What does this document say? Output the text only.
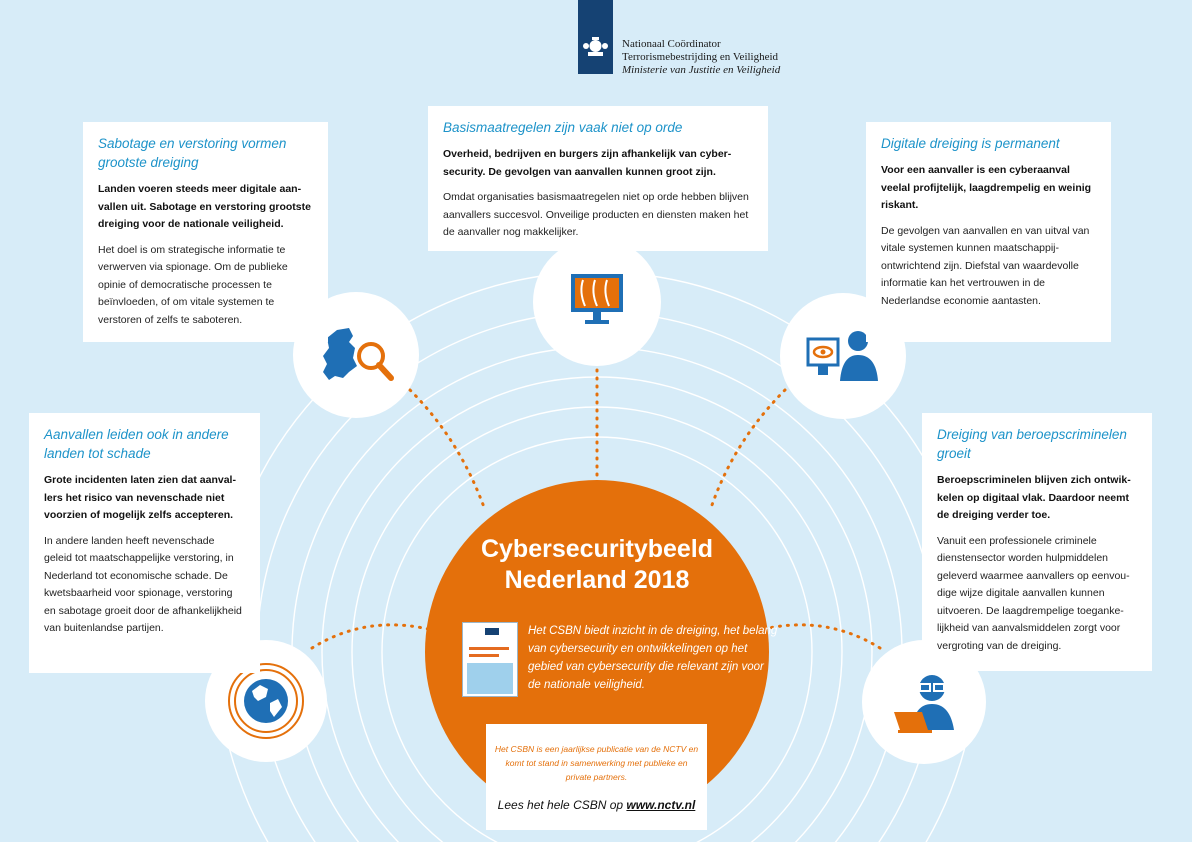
Nationaal Coördinator
Terrorismebestrijding en Veiligheid
Ministerie van Justitie en Veiligheid
Sabotage en verstoring vormen grootste dreiging

Landen voeren steeds meer digitale aan-vallen uit. Sabotage en verstoring grootste dreiging voor de nationale veiligheid.

Het doel is om strategische informatie te verwerven via spionage. Om de publieke opinie of democratische processen te beïnvloeden, of om vitale systemen te verstoren of zelfs te saboteren.

Basismaatregelen zijn vaak niet op orde

Overheid, bedrijven en burgers zijn afhankelijk van cyber-security. De gevolgen van aanvallen kunnen groot zijn.

Omdat organisaties basismaatregelen niet op orde hebben blijven aanvallers succesvol. Onveilige producten en diensten maken het de aanvaller nog makkelijker.

Digitale dreiging is permanent

Voor een aanvaller is een cyberaanval veelal profijtelijk, laagdrempelig en weinig riskant.

De gevolgen van aanvallen en van uitval van vitale systemen kunnen maatschappij-ontwrichtend zijn. Diefstal van waardevolle informatie kan het vertrouwen in de Nederlandse economie aantasten.

Aanvallen leiden ook in andere landen tot schade

Grote incidenten laten zien dat aanval-lers het risico van nevenschade niet voorzien of mogelijk zelfs accepteren.

In andere landen heeft nevenschade geleid tot maatschappelijke verstoring, in Nederland tot economische schade. De kwetsbaarheid voor spionage, verstoring en sabotage groeit door de afhankelijkheid van buitenlandse partijen.

Dreiging van beroepscriminelen groeit

Beroepscriminelen blijven zich ontwik-kelen op digitaal vlak. Daardoor neemt de dreiging verder toe.

Vanuit een professionele criminele dienstensector worden hulpmiddelen geleverd waarmee aanvallers op eenvou-dige wijze digitale aanvallen kunnen uitvoeren. De laagdrempelige toeganke-lijkheid van aanvalsmiddelen zorgt voor vergroting van de dreiging.

Cybersecuritybeeld
Nederland 2018
Het CSBN biedt inzicht in de dreiging, het belang van cybersecurity en ontwikkelingen op het gebied van cybersecurity die relevant zijn voor de nationale veiligheid.

Het CSBN is een jaarlijkse publicatie van de NCTV en komt tot stand in samenwerking met publieke en private partners.

Lees het hele CSBN op www.nctv.nl
